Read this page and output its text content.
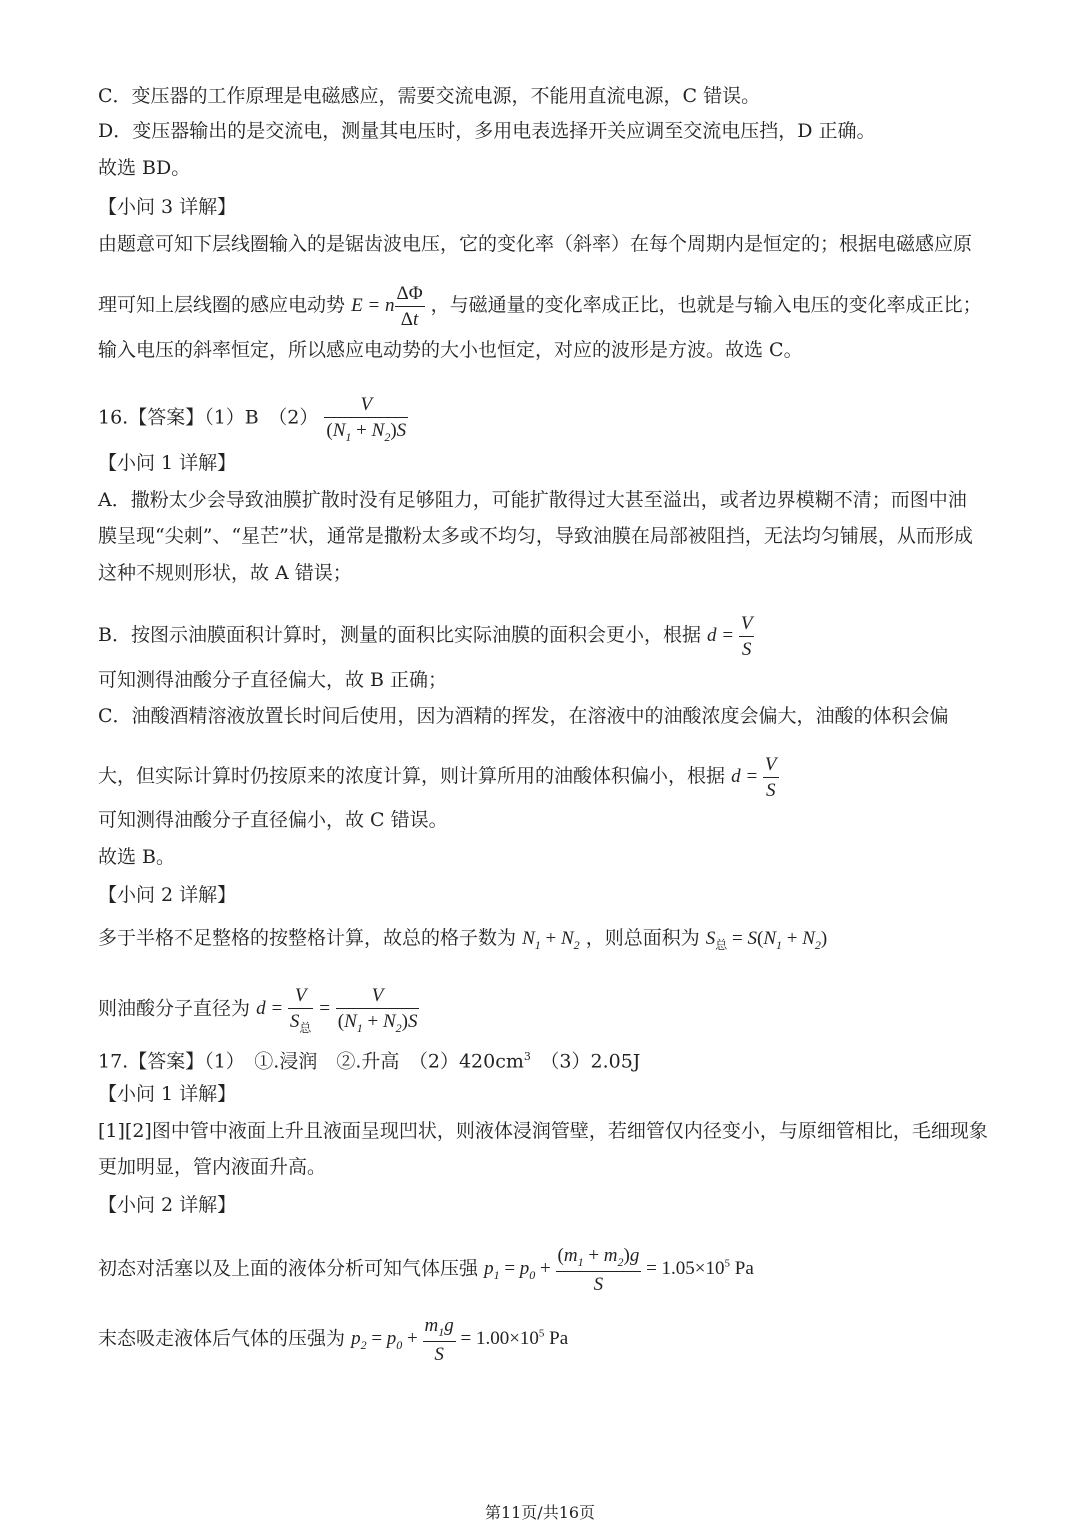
C．变压器的工作原理是电磁感应，需要交流电源，不能用直流电源，C 错误。
D．变压器输出的是交流电，测量其电压时，多用电表选择开关应调至交流电压挡，D 正确。
故选 BD。
【小问 3 详解】
由题意可知下层线圈输入的是锯齿波电压，它的变化率（斜率）在每个周期内是恒定的；根据电磁感应原
理可知上层线圈的感应电动势 E = n $\frac{\Delta\Phi}{\Delta t}$ ，与磁通量的变化率成正比，也就是与输入电压的变化率成正比；
输入电压的斜率恒定，所以感应电动势的大小也恒定，对应的波形是方波。故选 C。
16.【答案】（1）B　$(2) \frac{V}{(N_1 + N_2)S}$
【小问 1 详解】
A．撒粉太少会导致油膜扩散时没有足够阻力，可能扩散得过大甚至溢出，或者边界模糊不清；而图中油
膜呈现“尖刺”、“星芒”状，通常是撒粉太多或不均匀，导致油膜在局部被阻挡，无法均匀铺展，从而形成
这种不规则形状，故 A 错误；
B．按图示油膜面积计算时，测量的面积比实际油膜的面积会更小，根据 $d = \frac{V}{S}$
可知测得油酸分子直径偏大，故 B 正确；
C．油酸酒精溶液放置长时间后使用，因为酒精的挥发，在溶液中的油酸浓度会偏大，油酸的体积会偏
大，但实际计算时仍按原来的浓度计算，则计算所用的油酸体积偏小，根据 $d = \frac{V}{S}$
可知测得油酸分子直径偏小，故 C 错误。
故选 B。
【小问 2 详解】
多于半格不足整格的按整格计算，故总的格子数为 $N_1 + N_2$ ，则总面积为 $S_总 = S(N_1 + N_2)$
则油酸分子直径为 $d = \frac{V}{S_总} = \frac{V}{(N_1 + N_2)S}$
17.【答案】（1）　①.浸润　②.升高　$(2)420cm^3$　（3）2.05J
【小问 1 详解】
[1][2]图中管中液面上升且液面呈现凹状，则液体浸润管壁，若细管仅内径变小，与原细管相比，毛细现象
更加明显，管内液面升高。
【小问 2 详解】
初态对活塞以及上面的液体分析可知气体压强 $p_1 = p_0 + \frac{(m_1 + m_2)g}{S} = 1.05\times 10^5$ Pa
末态吸走液体后气体的压强为 $p_2 = p_0 + \frac{m_1g}{S} = 1.00\times 10^5$ Pa
第11页/共16页
